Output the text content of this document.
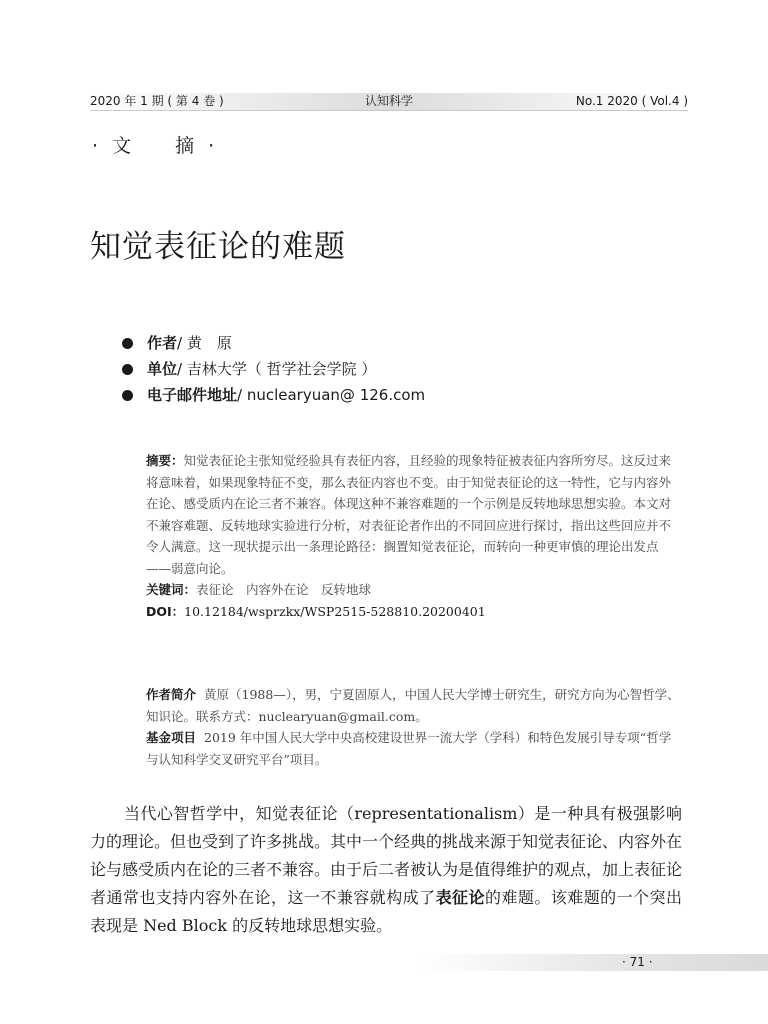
2020 年 1 期 ( 第 4 卷 )	认知科学	No.1 2020 ( Vol.4 )
· 文 摘 ·
知觉表征论的难题
作者/ 黄　原
单位/ 吉林大学（ 哲学社会学院 ）
电子邮件地址/ nuclearyuan@ 126.com

摘要：知觉表征论主张知觉经验具有表征内容，且经验的现象特征被表征内容所穷尽。这反过来将意味着，如果现象特征不变，那么表征内容也不变。由于知觉表征论的这一特性，它与内容外在论、感受质内在论三者不兼容。体现这种不兼容难题的一个示例是反转地球思想实验。本文对不兼容难题、反转地球实验进行分析，对表征论者作出的不同回应进行探讨，指出这些回应并不令人满意。这一现状提示出一条理论路径：搁置知觉表征论，而转向一种更审慎的理论出发点——弱意向论。

关键词：表征论　内容外在论　反转地球

DOI：10.12184/wsprzkx/WSP2515-528810.20200401

作者简介 黄原（1988—），男，宁夏固原人，中国人民大学博士研究生，研究方向为心智哲学、知识论。联系方式：nuclearyuan@gmail.com。

基金项目 2019 年中国人民大学中央高校建设世界一流大学（学科）和特色发展引导专项“哲学与认知科学交叉研究平台”项目。

当代心智哲学中，知觉表征论（representationalism）是一种具有极强影响力的理论。但也受到了许多挑战。其中一个经典的挑战来源于知觉表征论、内容外在论与感受质内在论的三者不兼容。由于后二者被认为是值得维护的观点，加上表征论者通常也支持内容外在论，这一不兼容就构成了表征论的难题。该难题的一个突出表现是 Ned Block 的反转地球思想实验。

· 71 ·
